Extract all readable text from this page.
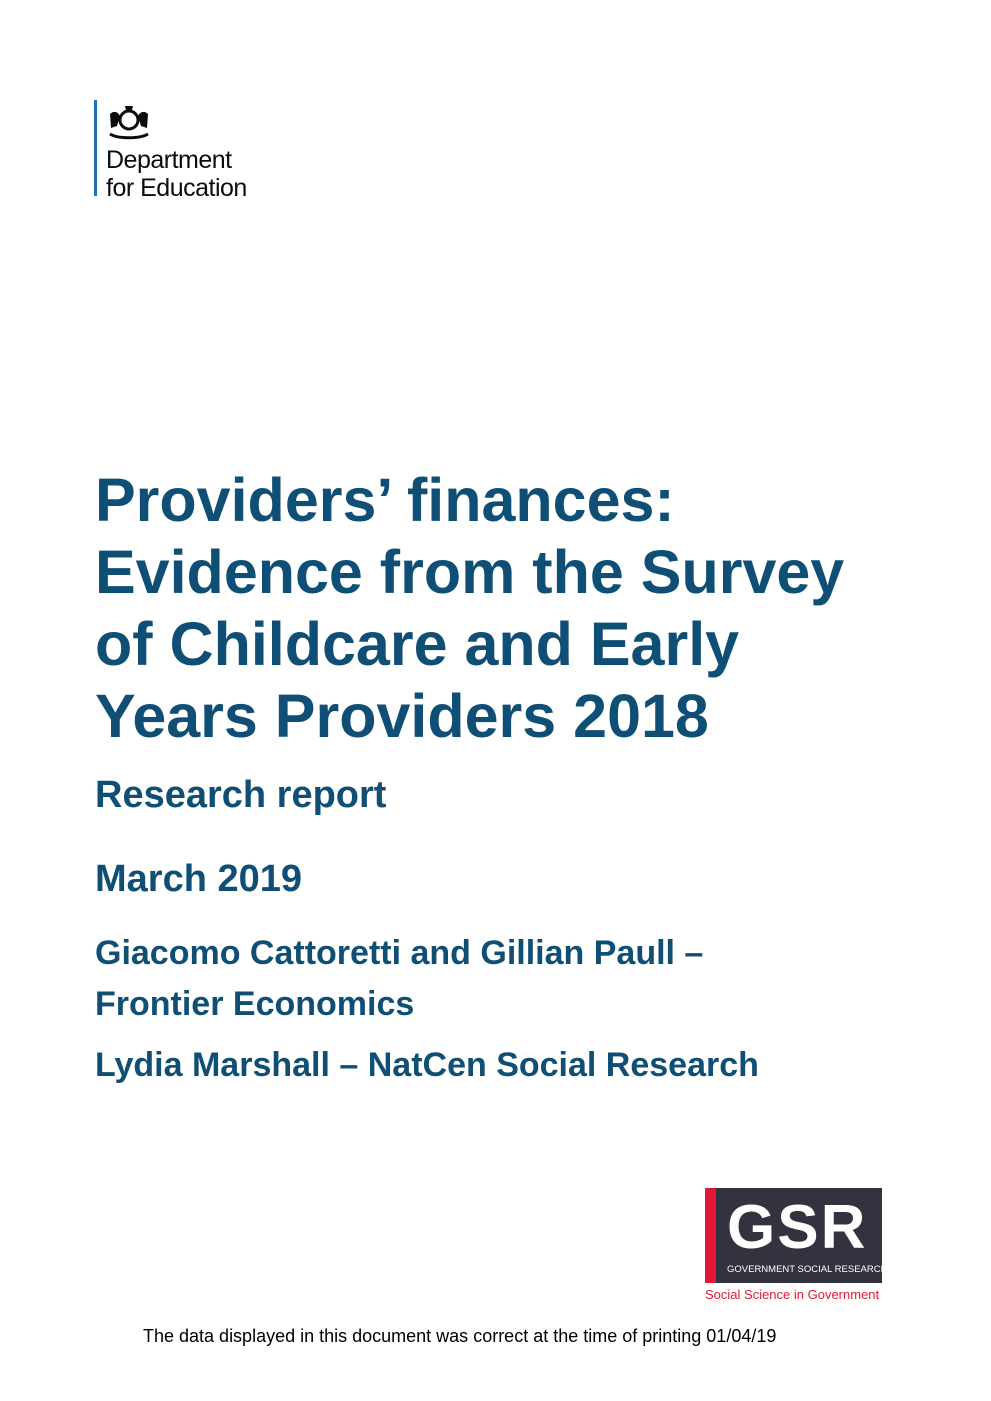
Department
for Education
Providers’ finances:
Evidence from the Survey
of Childcare and Early
Years Providers 2018
Research report
March 2019
Giacomo Cattoretti and Gillian Paull –
Frontier Economics
Lydia Marshall – NatCen Social Research
GSR
GOVERNMENT SOCIAL RESEARCH
Social Science in Government
The data displayed in this document was correct at the time of printing 01/04/19
